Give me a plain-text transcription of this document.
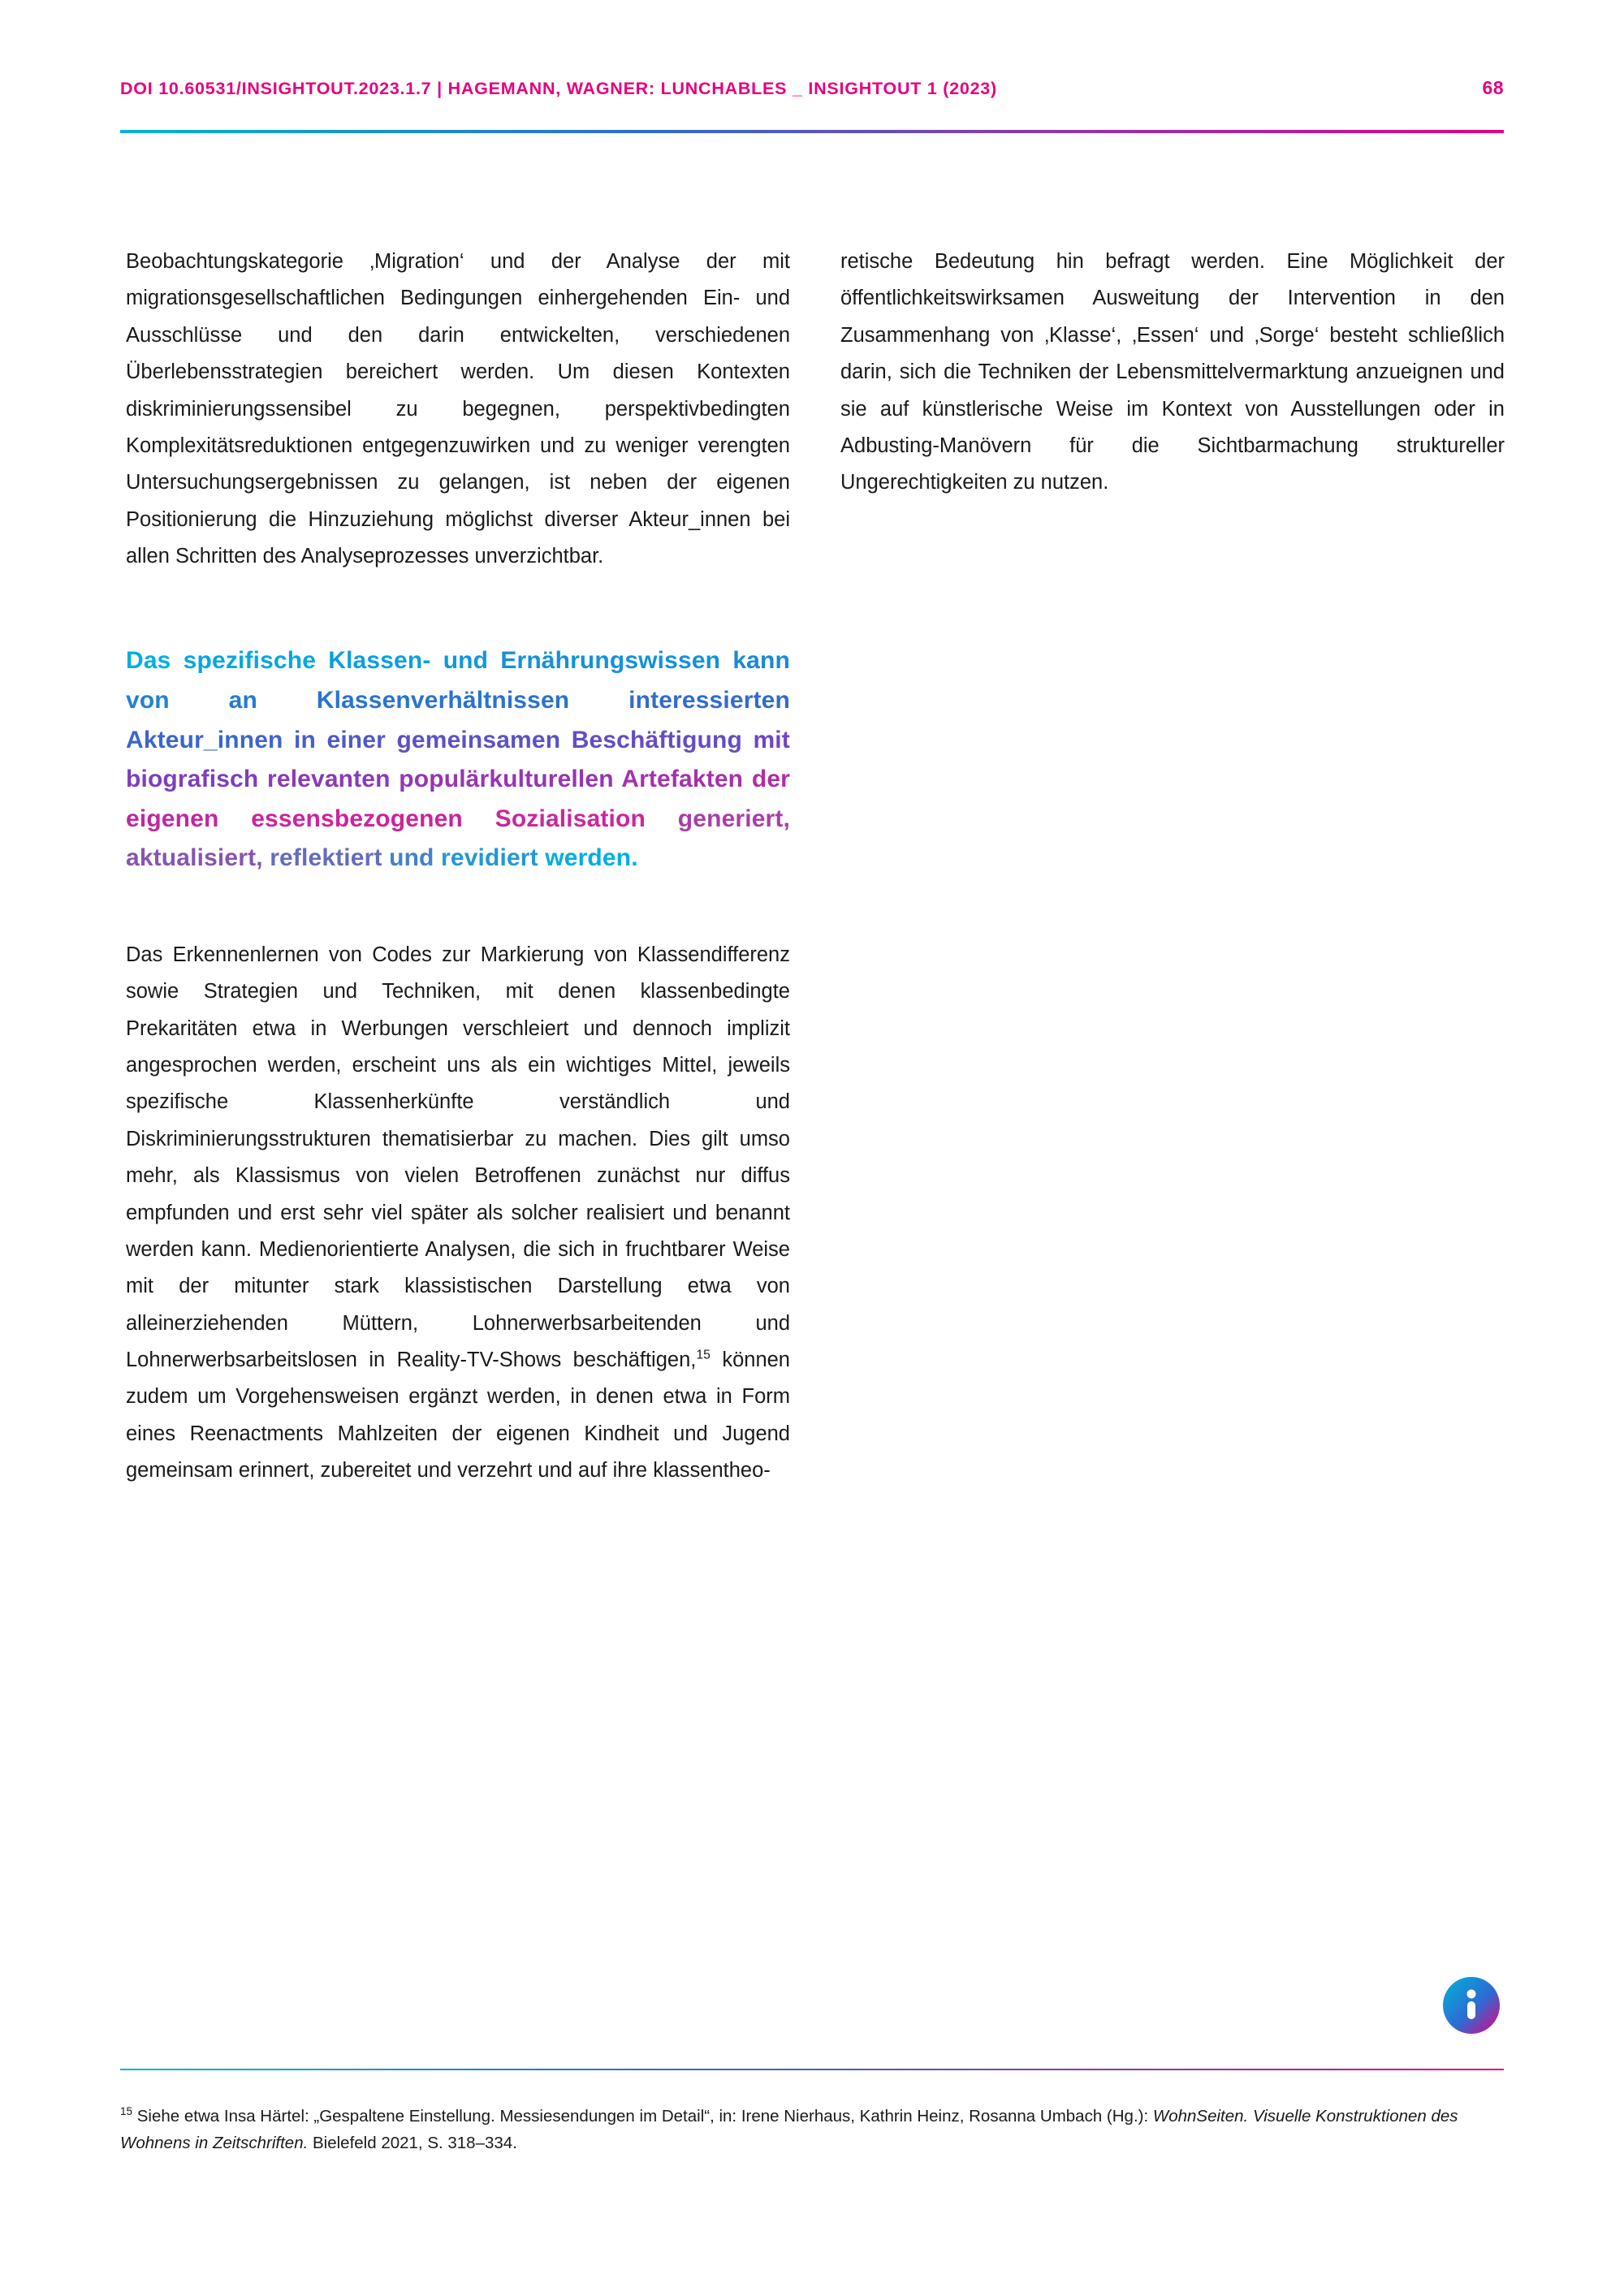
DOI 10.60531/INSIGHTOUT.2023.1.7 | HAGEMANN, WAGNER: LUNCHABLES _ INSIGHTOUT 1 (2023)	68

Beobachtungskategorie ‚Migration‘ und der Analyse der mit migrationsgesellschaftlichen Bedingungen einhergehenden Ein- und Ausschlüsse und den darin entwickelten, verschiedenen Überlebensstrategien bereichert werden. Um diesen Kontexten diskriminierungssensibel zu begegnen, perspektivbedingten Komplexitätsreduktionen entgegenzuwirken und zu weniger verengten Untersuchungsergebnissen zu gelangen, ist neben der eigenen Positionierung die Hinzuziehung möglichst diverser Akteur_innen bei allen Schritten des Analyseprozesses unverzichtbar.

Das spezifische Klassen- und Ernährungswissen kann von an Klassenverhältnissen interessierten Akteur_innen in einer gemeinsamen Beschäftigung mit biografisch relevanten populärkulturellen Artefakten der eigenen essensbezogenen Sozialisation generiert, aktualisiert, reflektiert und revidiert werden.

Das Erkennenlernen von Codes zur Markierung von Klassendifferenz sowie Strategien und Techniken, mit denen klassenbedingte Prekaritäten etwa in Werbungen verschleiert und dennoch implizit angesprochen werden, erscheint uns als ein wichtiges Mittel, jeweils spezifische Klassenherkünfte verständlich und Diskriminierungsstrukturen thematisierbar zu machen. Dies gilt umso mehr, als Klassismus von vielen Betroffenen zunächst nur diffus empfunden und erst sehr viel später als solcher realisiert und benannt werden kann. Medienorientierte Analysen, die sich in fruchtbarer Weise mit der mitunter stark klassistischen Darstellung etwa von alleinerziehenden Müttern, Lohnerwerbsarbeitenden und Lohnerwerbsarbeitslosen in Reality-TV-Shows beschäftigen,$^{15}$ können zudem um Vorgehensweisen ergänzt werden, in denen etwa in Form eines Reenactments Mahlzeiten der eigenen Kindheit und Jugend gemeinsam erinnert, zubereitet und verzehrt und auf ihre klassentheo-

retische Bedeutung hin befragt werden. Eine Möglichkeit der öffentlichkeitswirksamen Ausweitung der Intervention in den Zusammenhang von ‚Klasse‘, ‚Essen‘ und ‚Sorge‘ besteht schließlich darin, sich die Techniken der Lebensmittelvermarktung anzueignen und sie auf künstlerische Weise im Kontext von Ausstellungen oder in Adbusting-Manövern für die Sichtbarmachung struktureller Ungerechtigkeiten zu nutzen.

$^{15}$ Siehe etwa Insa Härtel: „Gespaltene Einstellung. Messiesendungen im Detail“, in: Irene Nierhaus, Kathrin Heinz, Rosanna Umbach (Hg.): WohnSeiten. Visuelle Konstruktionen des Wohnens in Zeitschriften. Bielefeld 2021, S. 318–334.
